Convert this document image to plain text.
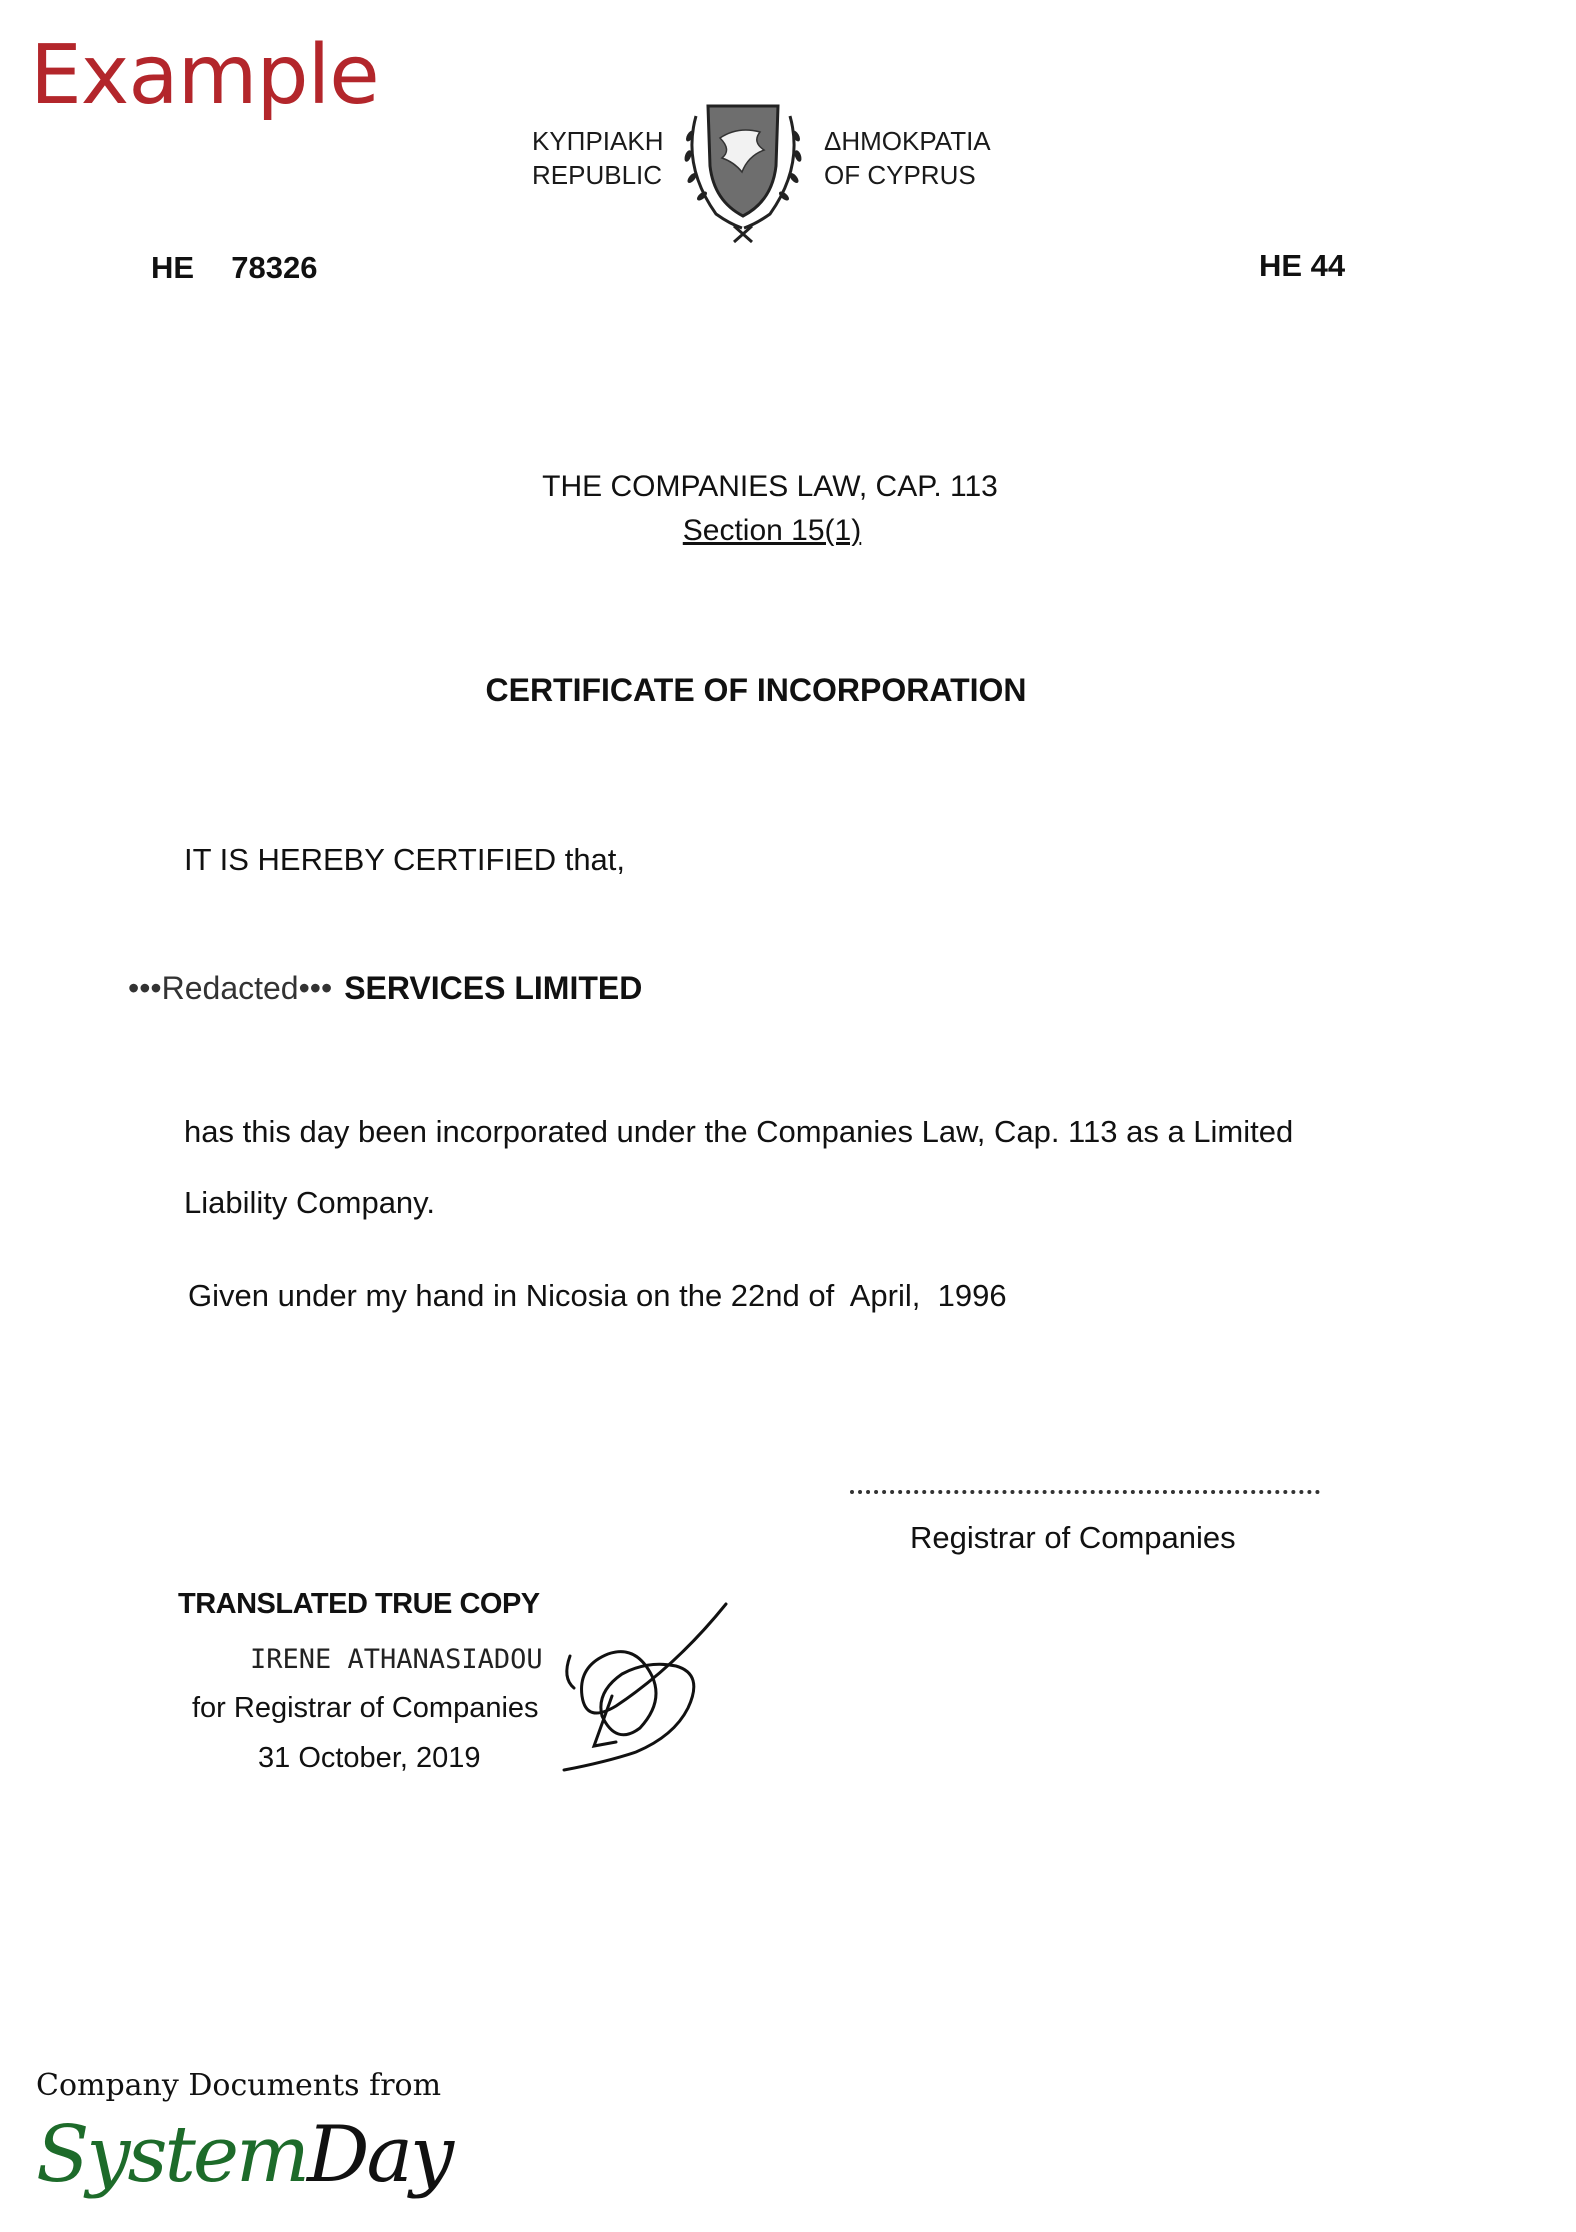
Example
ΚΥΠΡΙΑΚΗ
REPUBLIC
ΔΗΜΟΚΡΑΤΙΑ
OF CYPRUS
HE  78326	HE 44
THE COMPANIES LAW, CAP. 113
Section 15(1)
CERTIFICATE OF INCORPORATION
IT IS HEREBY CERTIFIED that,
•••Redacted••• SERVICES LIMITED
has this day been incorporated under the Companies Law, Cap. 113 as a Limited
Liability Company.
Given under my hand in Nicosia on the 22nd of  April,  1996
Registrar of Companies
TRANSLATED TRUE COPY
IRENE ATHANASIADOU
for Registrar of Companies
31 October, 2019
Company Documents from
SystemDay
